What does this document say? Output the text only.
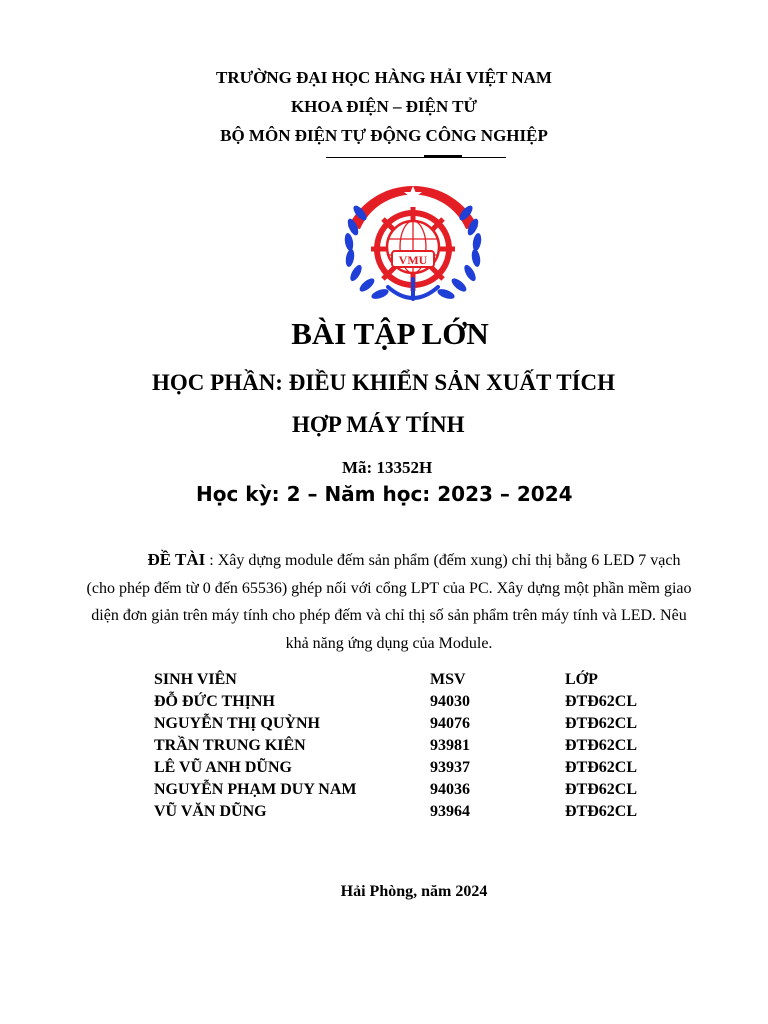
TRƯỜNG ĐẠI HỌC HÀNG HẢI VIỆT NAM
KHOA ĐIỆN – ĐIỆN TỬ
BỘ MÔN ĐIỆN TỰ ĐỘNG CÔNG NGHIỆP
VMU
BÀI TẬP LỚN
HỌC PHẦN: ĐIỀU KHIỂN SẢN XUẤT TÍCH
HỢP MÁY TÍNH
Mã: 13352H
Học kỳ: 2 – Năm học: 2023 – 2024
ĐỀ TÀI : Xây dựng module đếm sản phẩm (đếm xung) chỉ thị bằng 6 LED 7 vạch (cho phép đếm từ 0 đến 65536) ghép nối với cổng LPT của PC. Xây dựng một phần mềm giao diện đơn giản trên máy tính cho phép đếm và chỉ thị số sản phẩm trên máy tính và LED. Nêu khả năng ứng dụng của Module.
SINH VIÊN	MSV	LỚP
ĐỖ ĐỨC THỊNH	94030	ĐTĐ62CL
NGUYỄN THỊ QUỲNH	94076	ĐTĐ62CL
TRẦN TRUNG KIÊN	93981	ĐTĐ62CL
LÊ VŨ ANH DŨNG	93937	ĐTĐ62CL
NGUYỄN PHẠM DUY NAM	94036	ĐTĐ62CL
VŨ VĂN DŨNG	93964	ĐTĐ62CL
Hải Phòng, năm 2024
